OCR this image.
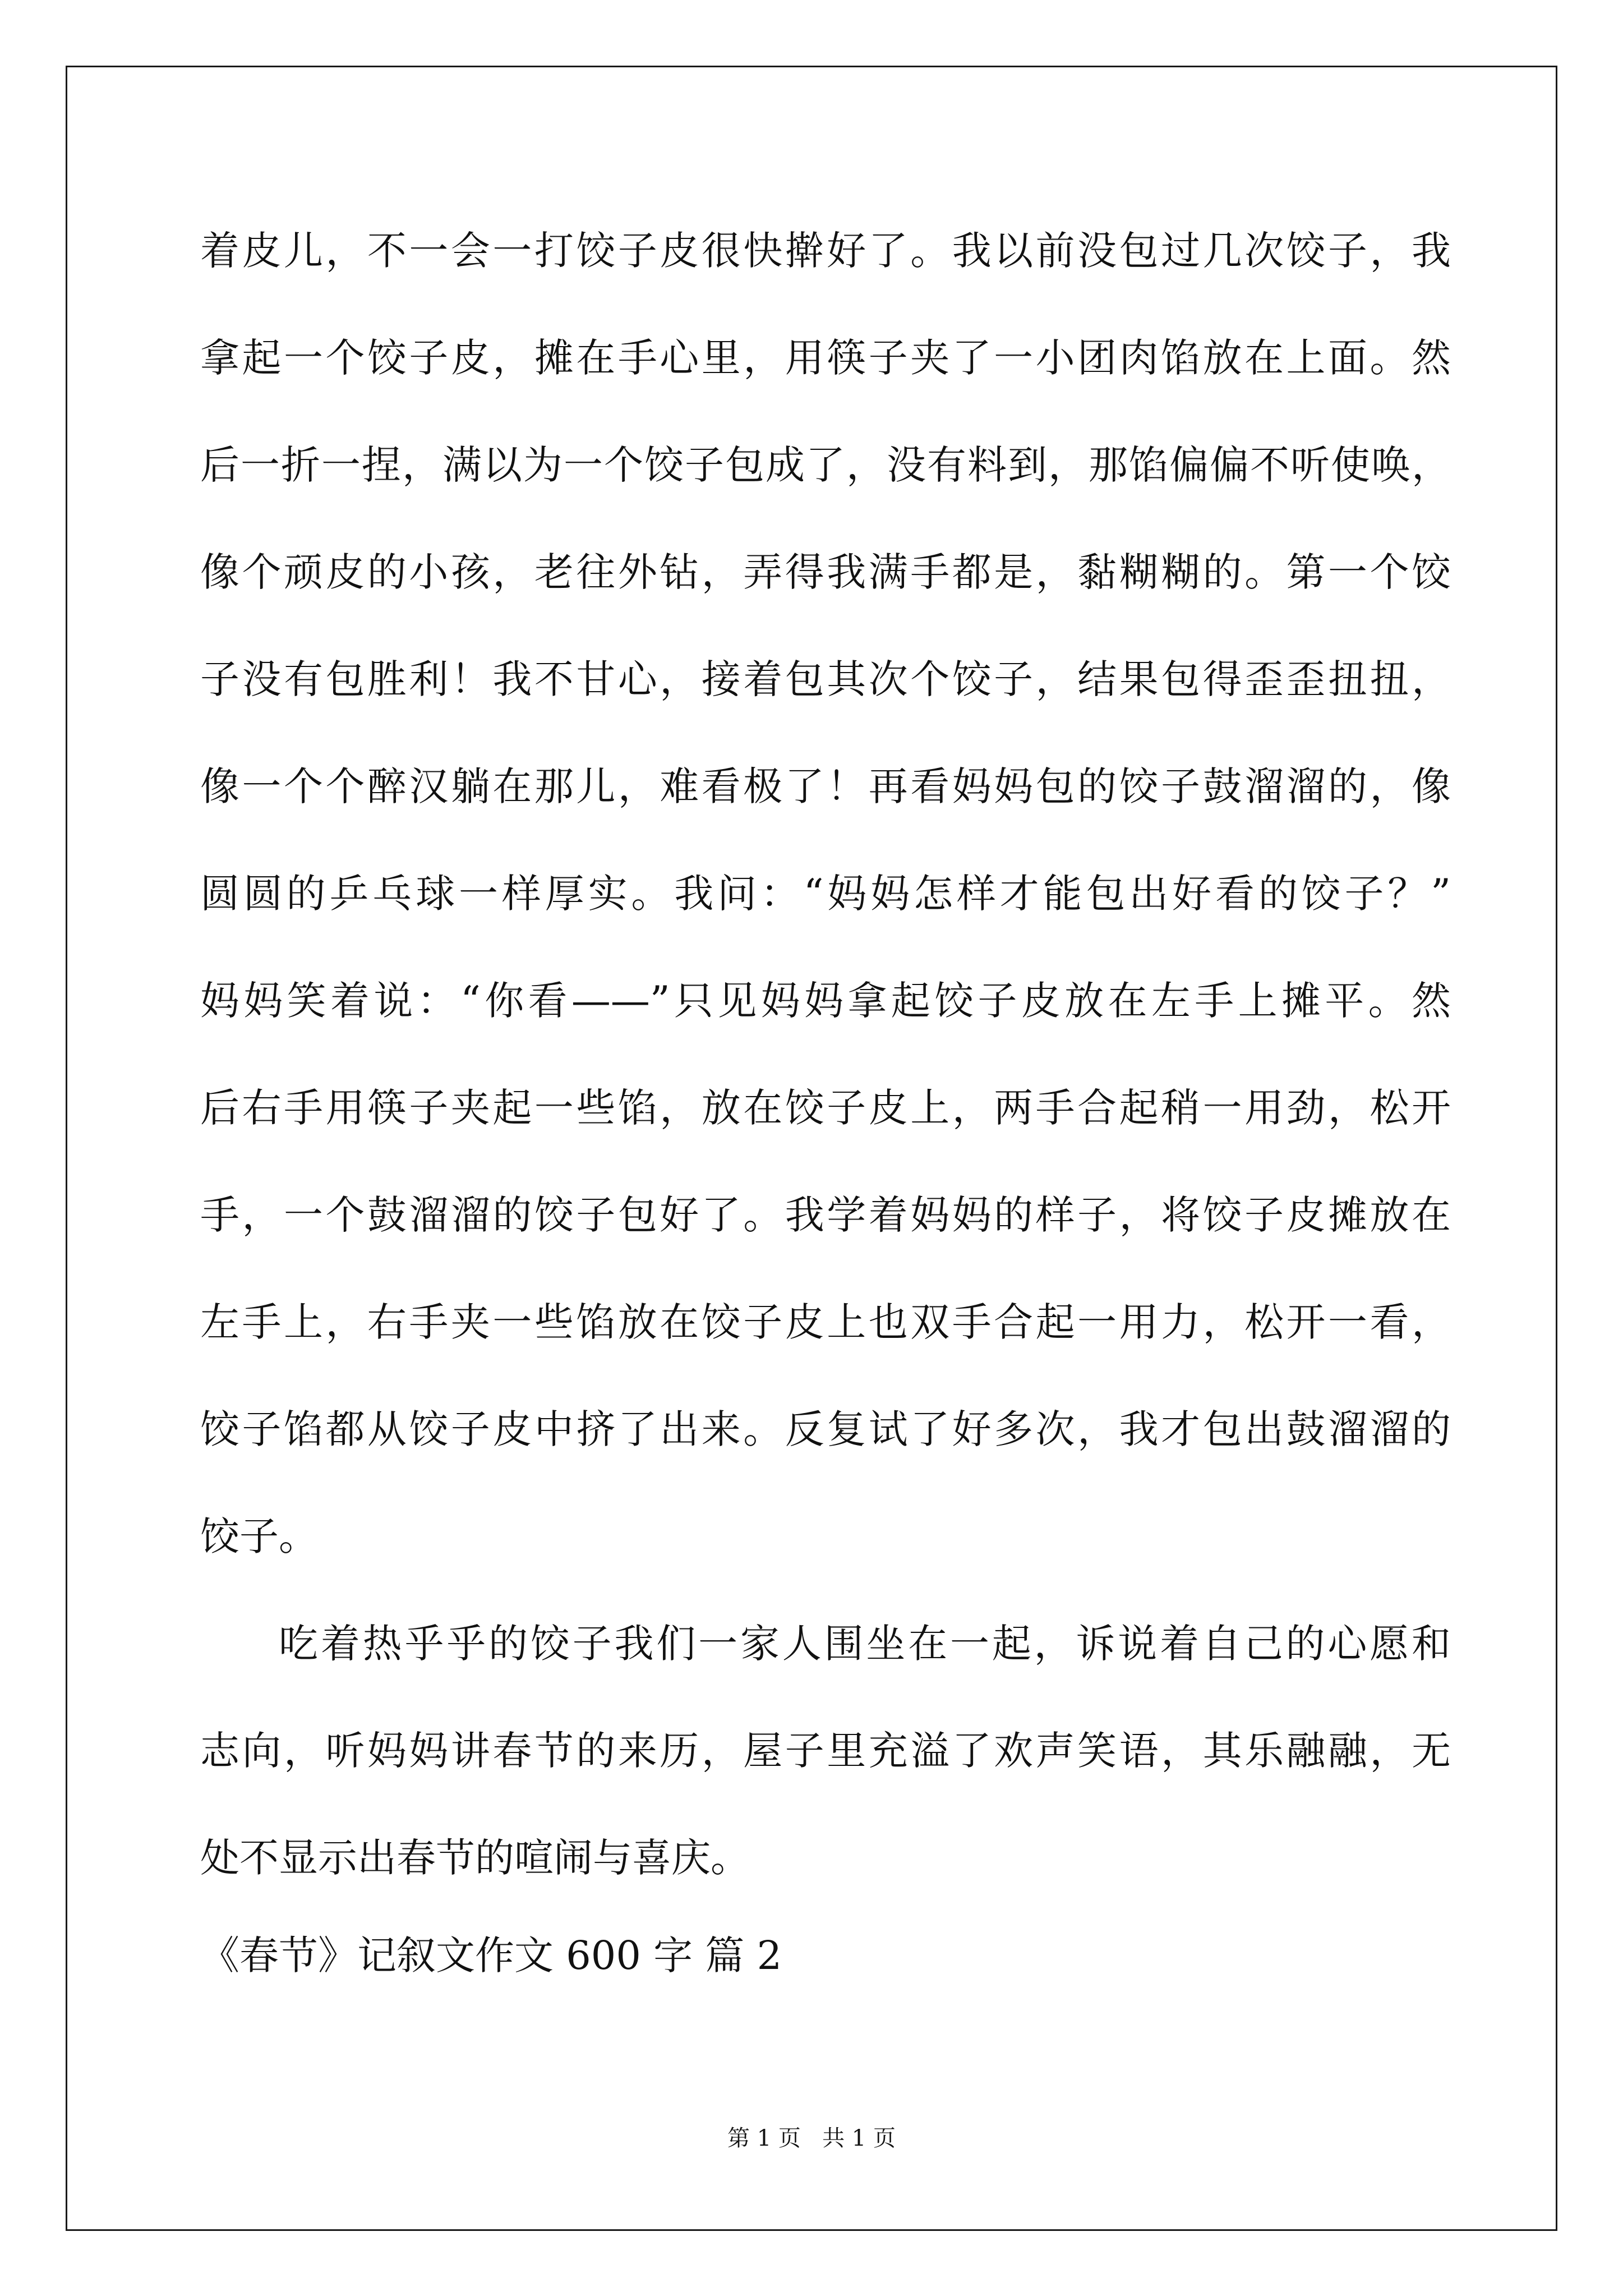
着皮儿，不一会一打饺子皮很快擀好了。我以前没包过几次饺子，我
拿起一个饺子皮，摊在手心里，用筷子夹了一小团肉馅放在上面。然
后一折一捏，满以为一个饺子包成了，没有料到，那馅偏偏不听使唤，
像个顽皮的小孩，老往外钻，弄得我满手都是，黏糊糊的。第一个饺
子没有包胜利！我不甘心，接着包其次个饺子，结果包得歪歪扭扭，
像一个个醉汉躺在那儿，难看极了！再看妈妈包的饺子鼓溜溜的，像
圆圆的乒乓球一样厚实。我问：“妈妈怎样才能包出好看的饺子？”
妈妈笑着说：“你看——”只见妈妈拿起饺子皮放在左手上摊平。然
后右手用筷子夹起一些馅，放在饺子皮上，两手合起稍一用劲，松开
手，一个鼓溜溜的饺子包好了。我学着妈妈的样子，将饺子皮摊放在
左手上，右手夹一些馅放在饺子皮上也双手合起一用力，松开一看，
饺子馅都从饺子皮中挤了出来。反复试了好多次，我才包出鼓溜溜的
饺子。
吃着热乎乎的饺子我们一家人围坐在一起，诉说着自己的心愿和
志向，听妈妈讲春节的来历，屋子里充溢了欢声笑语，其乐融融，无
处不显示出春节的喧闹与喜庆。
《春节》记叙文作文 600 字 篇 2
第 1 页   共 1 页
